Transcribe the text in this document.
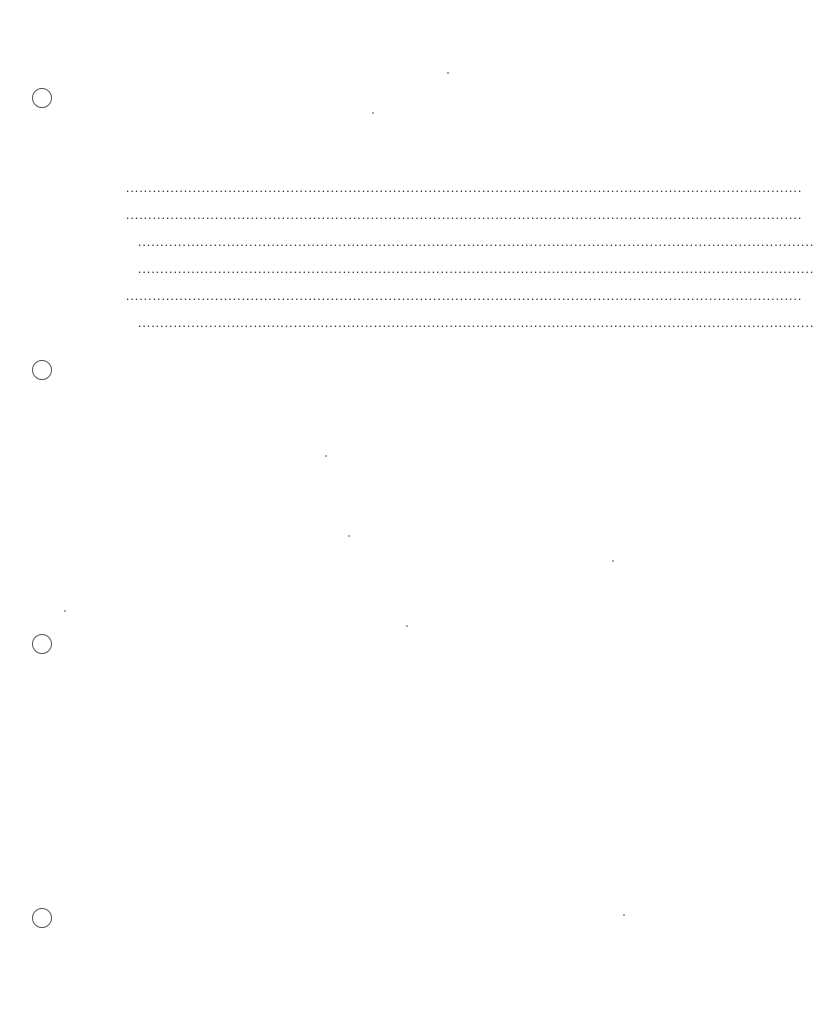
........................................................................................................................................................
........................................................................................................................................................
........................................................................................................................................................
........................................................................................................................................................
........................................................................................................................................................
........................................................................................................................................................
